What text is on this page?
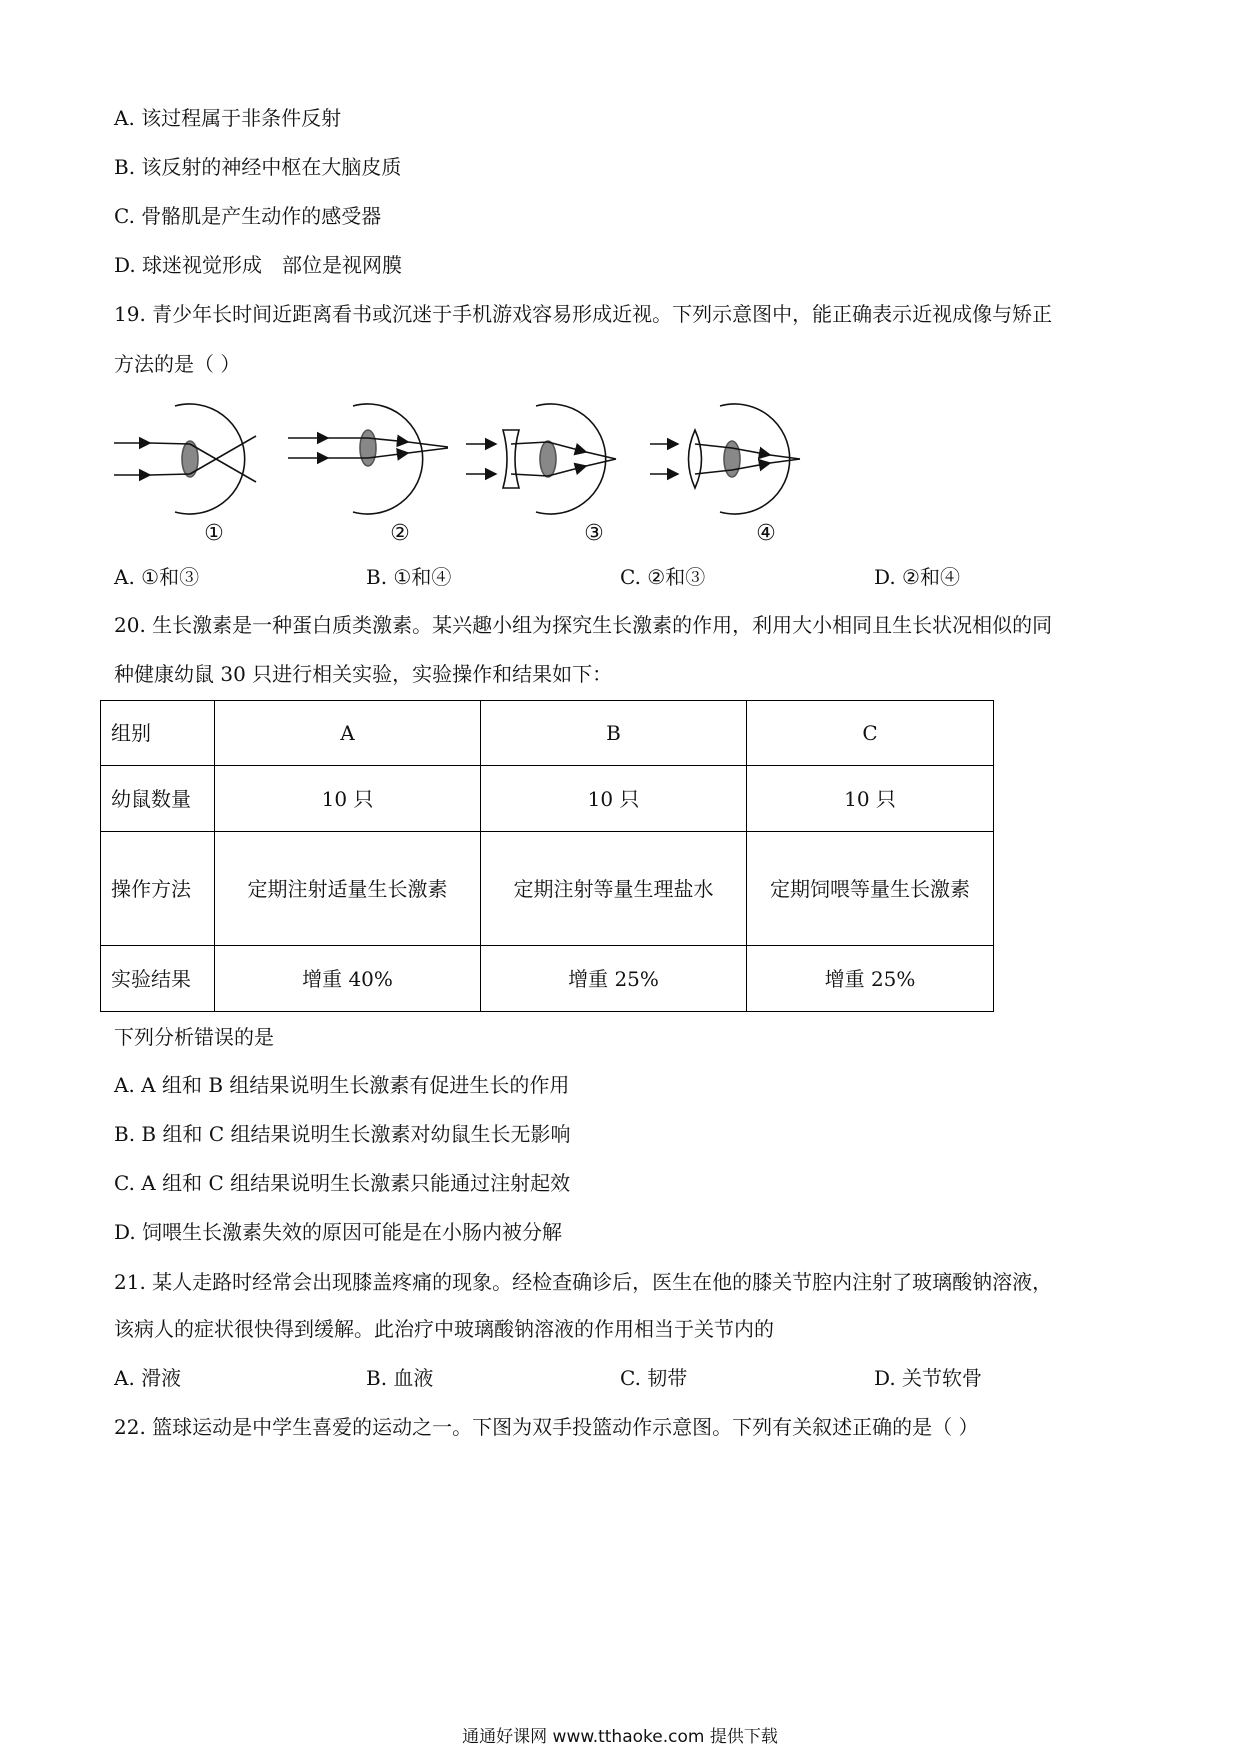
A. 该过程属于非条件反射
B. 该反射的神经中枢在大脑皮质
C. 骨骼肌是产生动作的感受器
D. 球迷视觉形成　部位是视网膜
19. 青少年长时间近距离看书或沉迷于手机游戏容易形成近视。下列示意图中，能正确表示近视成像与矫正
方法的是（ ）
①	②	③	④
A. ①和③	B. ①和④	C. ②和③	D. ②和④
20. 生长激素是一种蛋白质类激素。某兴趣小组为探究生长激素的作用，利用大小相同且生长状况相似的同
种健康幼鼠 30 只进行相关实验，实验操作和结果如下：
组别	A	B	C
幼鼠数量	10 只	10 只	10 只
操作方法	定期注射适量生长激素	定期注射等量生理盐水	定期饲喂等量生长激素
实验结果	增重 40%	增重 25%	增重 25%
下列分析错误的是
A. A 组和 B 组结果说明生长激素有促进生长的作用
B. B 组和 C 组结果说明生长激素对幼鼠生长无影响
C. A 组和 C 组结果说明生长激素只能通过注射起效
D. 饲喂生长激素失效的原因可能是在小肠内被分解
21. 某人走路时经常会出现膝盖疼痛的现象。经检查确诊后，医生在他的膝关节腔内注射了玻璃酸钠溶液，
该病人的症状很快得到缓解。此治疗中玻璃酸钠溶液的作用相当于关节内的
A. 滑液	B. 血液	C. 韧带	D. 关节软骨
22. 篮球运动是中学生喜爱的运动之一。下图为双手投篮动作示意图。下列有关叙述正确的是（ ）
通通好课网 www.tthaoke.com 提供下载
